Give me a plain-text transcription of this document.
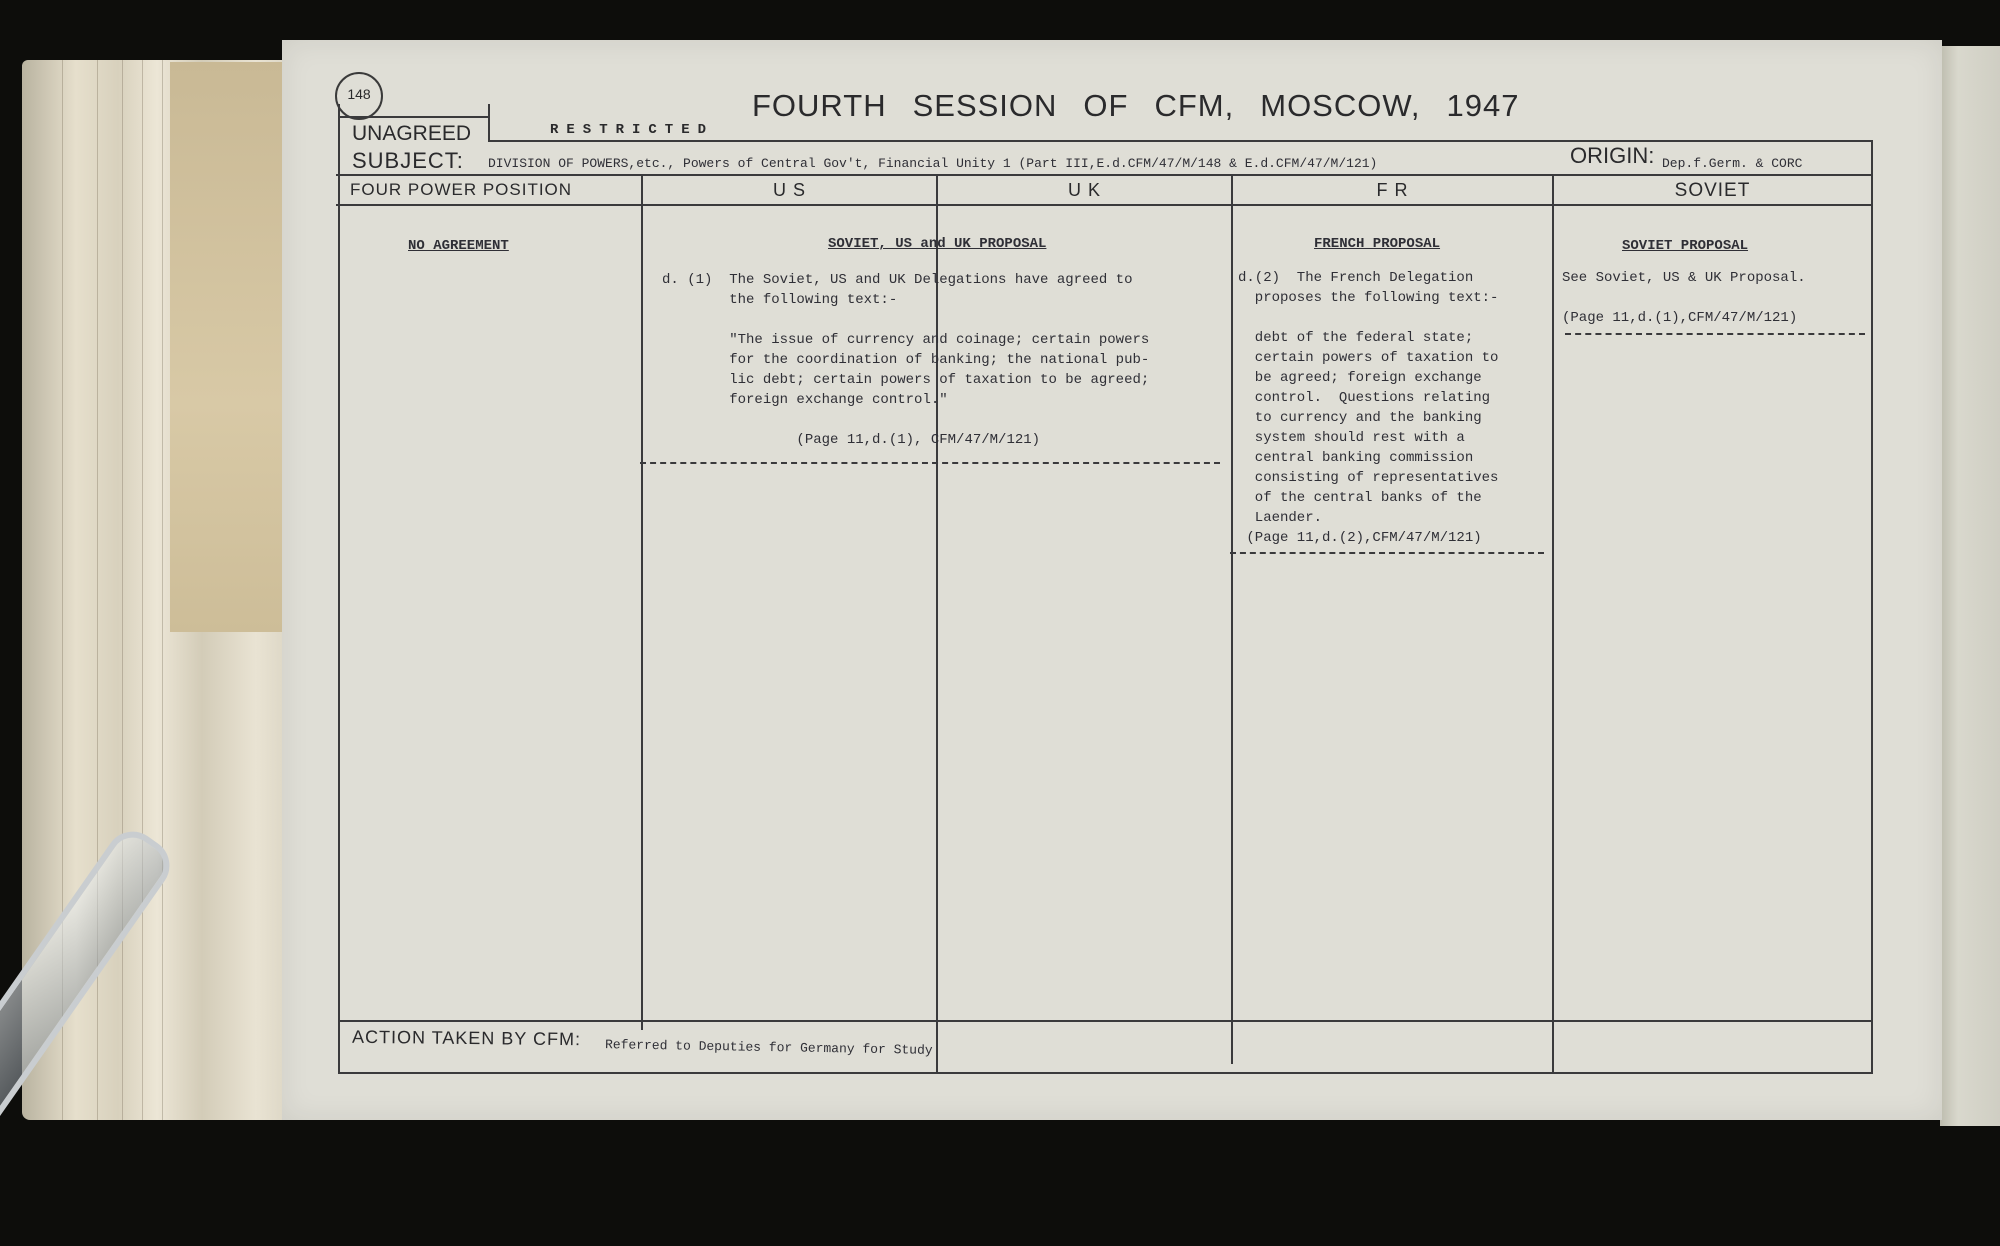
148	FOURTH SESSION OF CFM, MOSCOW, 1947
RESTRICTED
UNAGREED
SUBJECT: DIVISION OF POWERS,etc., Powers of Central Gov't, Financial Unity 1 (Part III,E.d.CFM/47/M/148 & E.d.CFM/47/M/121)	ORIGIN: Dep.f.Germ. & CORC
FOUR POWER POSITION	U S	U K	F R	SOVIET
NO AGREEMENT	SOVIET, US and UK PROPOSAL
d. (1)  The Soviet, US and UK Delegations have agreed to
the following text:-

"The issue of currency and coinage; certain powers
for the coordination of banking; the national pub-
lic debt; certain powers of taxation to be agreed;
foreign exchange control."

(Page 11,d.(1), CFM/47/M/121)
FRENCH PROPOSAL
d.(2)  The French Delegation
proposes the following text:-

debt of the federal state;
certain powers of taxation to
be agreed; foreign exchange
control.  Questions relating
to currency and the banking
system should rest with a
central banking commission
consisting of representatives
of the central banks of the
Laender.
(Page 11,d.(2),CFM/47/M/121)
SOVIET PROPOSAL
See Soviet, US & UK Proposal.

(Page 11,d.(1),CFM/47/M/121)
ACTION TAKEN BY CFM: Referred to Deputies for Germany for Study
